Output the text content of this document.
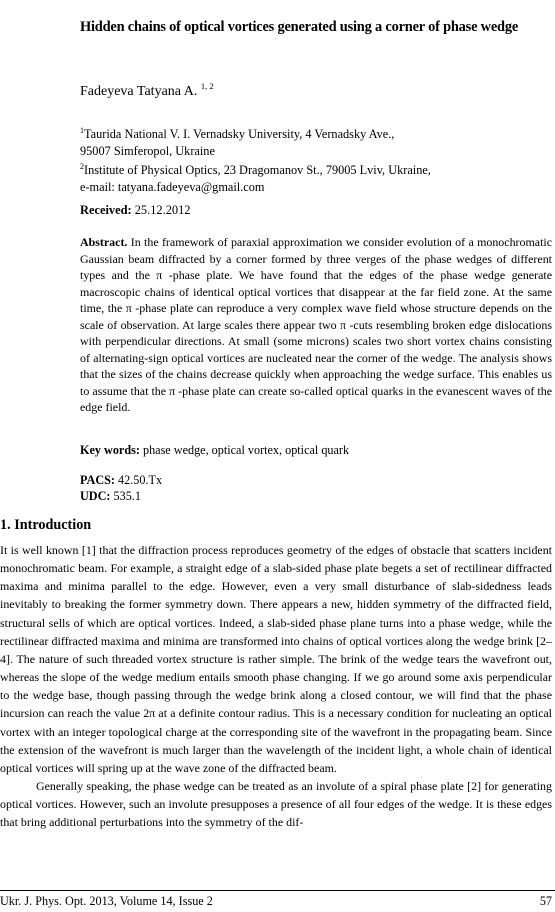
Hidden chains of optical vortices generated using a corner of phase wedge
Fadeyeva Tatyana A. $^{1, 2}$
$^1$Taurida National V. I. Vernadsky University, 4 Vernadsky Ave.,
95007 Simferopol, Ukraine
$^2$Institute of Physical Optics, 23 Dragomanov St., 79005 Lviv, Ukraine,
e-mail: tatyana.fadeyeva@gmail.com
Received: 25.12.2012
Abstract. In the framework of paraxial approximation we consider evolution of a monochromatic Gaussian beam diffracted by a corner formed by three verges of the phase wedges of different types and the π -phase plate. We have found that the edges of the phase wedge generate macroscopic chains of identical optical vortices that disappear at the far field zone. At the same time, the π -phase plate can reproduce a very complex wave field whose structure depends on the scale of observation. At large scales there appear two π -cuts resembling broken edge dislocations with perpendicular directions. At small (some microns) scales two short vortex chains consisting of alternating-sign optical vortices are nucleated near the corner of the wedge. The analysis shows that the sizes of the chains decrease quickly when approaching the wedge surface. This enables us to assume that the π -phase plate can create so-called optical quarks in the evanescent waves of the edge field.
Key words: phase wedge, optical vortex, optical quark
PACS: 42.50.Tx
UDC: 535.1
1. Introduction

It is well known [1] that the diffraction process reproduces geometry of the edges of obstacle that scatters incident monochromatic beam. For example, a straight edge of a slab-sided phase plate begets a set of rectilinear diffracted maxima and minima parallel to the edge. However, even a very small disturbance of slab-sidedness leads inevitably to breaking the former symmetry down. There appears a new, hidden symmetry of the diffracted field, structural sells of which are optical vortices. Indeed, a slab-sided phase plane turns into a phase wedge, while the rectilinear diffracted maxima and minima are transformed into chains of optical vortices along the wedge brink [2–4]. The nature of such threaded vortex structure is rather simple. The brink of the wedge tears the wavefront out, whereas the slope of the wedge medium entails smooth phase changing. If we go around some axis perpendicular to the wedge base, though passing through the wedge brink along a closed contour, we will find that the phase incursion can reach the value 2π at a definite contour radius. This is a necessary condition for nucleating an optical vortex with an integer topological charge at the corresponding site of the wavefront in the propagating beam. Since the extension of the wavefront is much larger than the wavelength of the incident light, a whole chain of identical optical vortices will spring up at the wave zone of the diffracted beam.

Generally speaking, the phase wedge can be treated as an involute of a spiral phase plate [2] for generating optical vortices. However, such an involute presupposes a presence of all four edges of the wedge. It is these edges that bring additional perturbations into the symmetry of the dif-

Ukr. J. Phys. Opt. 2013, Volume 14, Issue 2	57
